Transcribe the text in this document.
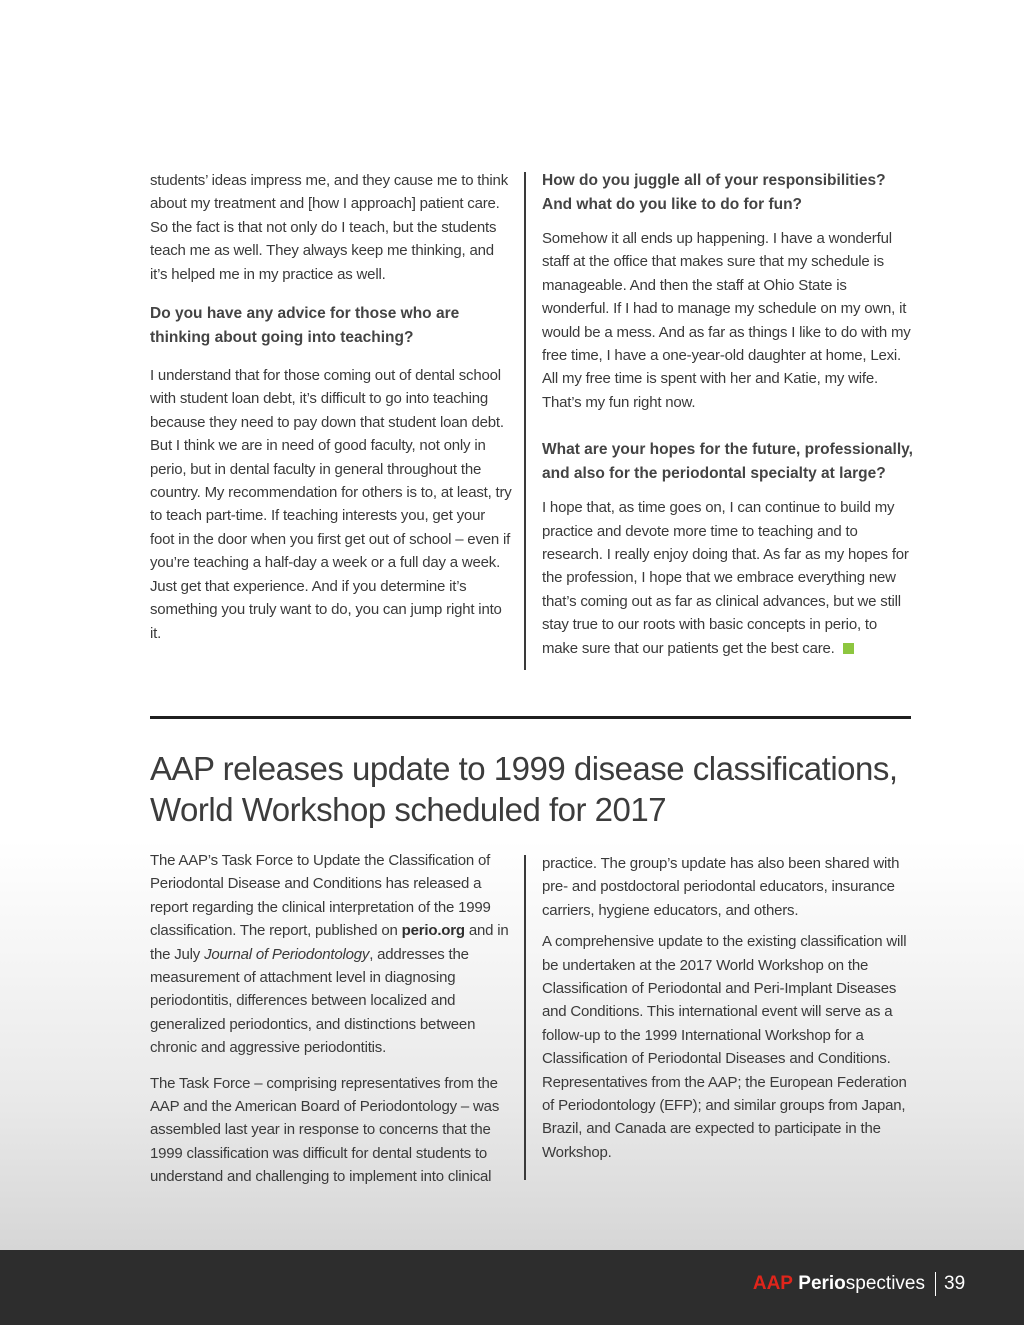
students’ ideas impress me, and they cause me to think about my treatment and [how I approach] patient care. So the fact is that not only do I teach, but the students teach me as well. They always keep me thinking, and it’s helped me in my practice as well.

Do you have any advice for those who are thinking about going into teaching?

I understand that for those coming out of dental school with student loan debt, it’s difficult to go into teaching because they need to pay down that student loan debt. But I think we are in need of good faculty, not only in perio, but in dental faculty in general throughout the country. My recommendation for others is to, at least, try to teach part-time. If teaching interests you, get your foot in the door when you first get out of school – even if you’re teaching a half-day a week or a full day a week. Just get that experience. And if you determine it’s something you truly want to do, you can jump right into it.

How do you juggle all of your responsibilities? And what do you like to do for fun?

Somehow it all ends up happening. I have a wonderful staff at the office that makes sure that my schedule is manageable. And then the staff at Ohio State is wonderful. If I had to manage my schedule on my own, it would be a mess. And as far as things I like to do with my free time, I have a one-year-old daughter at home, Lexi. All my free time is spent with her and Katie, my wife. That’s my fun right now.

What are your hopes for the future, professionally, and also for the periodontal specialty at large?

I hope that, as time goes on, I can continue to build my practice and devote more time to teaching and to research. I really enjoy doing that. As far as my hopes for the profession, I hope that we embrace everything new that’s coming out as far as clinical advances, but we still stay true to our roots with basic concepts in perio, to make sure that our patients get the best care.

AAP releases update to 1999 disease classifications, World Workshop scheduled for 2017

The AAP’s Task Force to Update the Classification of Periodontal Disease and Conditions has released a report regarding the clinical interpretation of the 1999 classification. The report, published on perio.org and in the July Journal of Periodontology, addresses the measurement of attachment level in diagnosing periodontitis, differences between localized and generalized periodontics, and distinctions between chronic and aggressive periodontitis.

The Task Force – comprising representatives from the AAP and the American Board of Periodontology – was assembled last year in response to concerns that the 1999 classification was difficult for dental students to understand and challenging to implement into clinical

practice. The group’s update has also been shared with pre- and postdoctoral periodontal educators, insurance carriers, hygiene educators, and others.

A comprehensive update to the existing classification will be undertaken at the 2017 World Workshop on the Classification of Periodontal and Peri-Implant Diseases and Conditions. This international event will serve as a follow-up to the 1999 International Workshop for a Classification of Periodontal Diseases and Conditions. Representatives from the AAP; the European Federation of Periodontology (EFP); and similar groups from Japan, Brazil, and Canada are expected to participate in the Workshop.

AAP Periospectives 39
